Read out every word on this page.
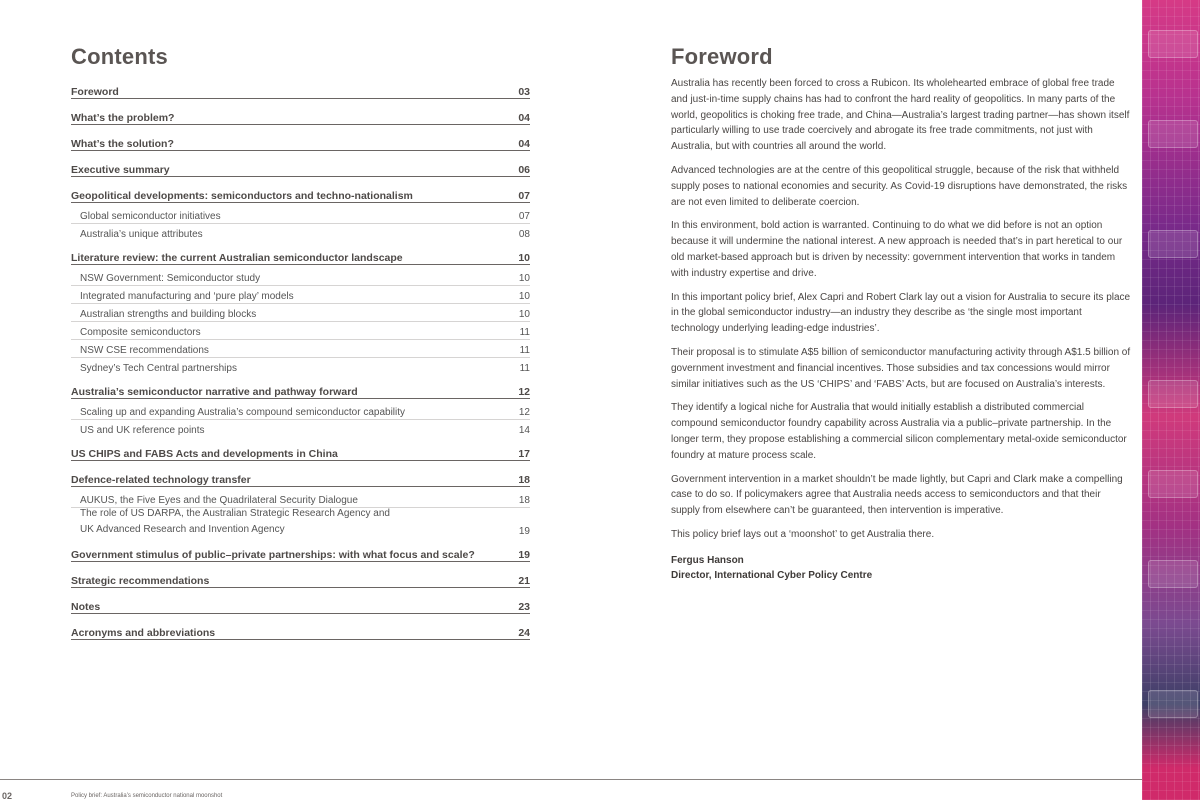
Contents
Foreword	03
What’s the problem?	04
What’s the solution?	04
Executive summary	06
Geopolitical developments: semiconductors and techno-nationalism	07
Global semiconductor initiatives	07
Australia’s unique attributes	08
Literature review: the current Australian semiconductor landscape	10
NSW Government: Semiconductor study	10
Integrated manufacturing and ‘pure play’ models	10
Australian strengths and building blocks	10
Composite semiconductors	11
NSW CSE recommendations	11
Sydney’s Tech Central partnerships	11
Australia’s semiconductor narrative and pathway forward	12
Scaling up and expanding Australia’s compound semiconductor capability	12
US and UK reference points	14
US CHIPS and FABS Acts and developments in China	17
Defence-related technology transfer	18
AUKUS, the Five Eyes and the Quadrilateral Security Dialogue	18
The role of US DARPA, the Australian Strategic Research Agency and
UK Advanced Research and Invention Agency	19
Government stimulus of public–private partnerships: with what focus and scale?	19
Strategic recommendations	21
Notes	23
Acronyms and abbreviations	24
Foreword

Australia has recently been forced to cross a Rubicon. Its wholehearted embrace of global free trade and just-in-time supply chains has had to confront the hard reality of geopolitics. In many parts of the world, geopolitics is choking free trade, and China—Australia’s largest trading partner—has shown itself particularly willing to use trade coercively and abrogate its free trade commitments, not just with Australia, but with countries all around the world.

Advanced technologies are at the centre of this geopolitical struggle, because of the risk that withheld supply poses to national economies and security. As Covid-19 disruptions have demonstrated, the risks are not even limited to deliberate coercion.

In this environment, bold action is warranted. Continuing to do what we did before is not an option because it will undermine the national interest. A new approach is needed that’s in part heretical to our old market-based approach but is driven by necessity: government intervention that works in tandem with industry expertise and drive.

In this important policy brief, Alex Capri and Robert Clark lay out a vision for Australia to secure its place in the global semiconductor industry—an industry they describe as ‘the single most important technology underlying leading-edge industries’.

Their proposal is to stimulate A$5 billion of semiconductor manufacturing activity through A$1.5 billion of government investment and financial incentives. Those subsidies and tax concessions would mirror similar initiatives such as the US ‘CHIPS’ and ‘FABS’ Acts, but are focused on Australia’s interests.

They identify a logical niche for Australia that would initially establish a distributed commercial compound semiconductor foundry capability across Australia via a public–private partnership. In the longer term, they propose establishing a commercial silicon complementary metal-oxide semiconductor foundry at mature process scale.

Government intervention in a market shouldn’t be made lightly, but Capri and Clark make a compelling case to do so. If policymakers agree that Australia needs access to semiconductors and that their supply from elsewhere can’t be guaranteed, then intervention is imperative.

This policy brief lays out a ‘moonshot’ to get Australia there.

Fergus Hanson
Director, International Cyber Policy Centre
02	Policy brief: Australia’s semiconductor national moonshot
